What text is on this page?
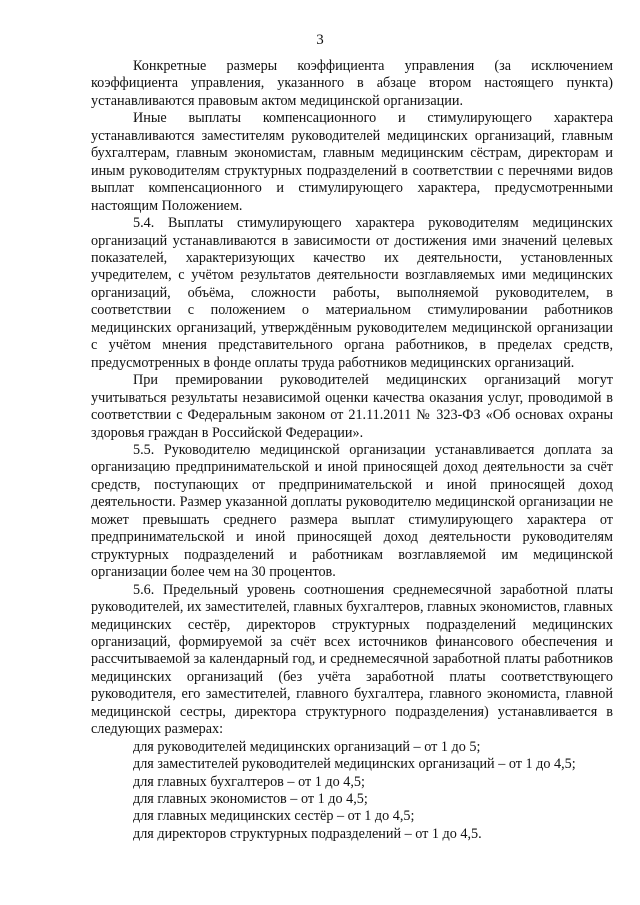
3

Конкретные размеры коэффициента управления (за исключением коэффициента управления, указанного в абзаце втором настоящего пункта) устанавливаются правовым актом медицинской организации.

Иные выплаты компенсационного и стимулирующего характера устанавливаются заместителям руководителей медицинских организаций, главным бухгалтерам, главным экономистам, главным медицинским сёстрам, директорам и иным руководителям структурных подразделений в соответствии с перечнями видов выплат компенсационного и стимулирующего характера, предусмотренными настоящим Положением.

5.4. Выплаты стимулирующего характера руководителям медицинских организаций устанавливаются в зависимости от достижения ими значений целевых показателей, характеризующих качество их деятельности, установленных учредителем, с учётом результатов деятельности возглавляемых ими медицинских организаций, объёма, сложности работы, выполняемой руководителем, в соответствии с положением о материальном стимулировании работников медицинских организаций, утверждённым руководителем медицинской организации с учётом мнения представительного органа работников, в пределах средств, предусмотренных в фонде оплаты труда работников медицинских организаций.

При премировании руководителей медицинских организаций могут учитываться результаты независимой оценки качества оказания услуг, проводимой в соответствии с Федеральным законом от 21.11.2011 № 323-ФЗ «Об основах охраны здоровья граждан в Российской Федерации».

5.5. Руководителю медицинской организации устанавливается доплата за организацию предпринимательской и иной приносящей доход деятельности за счёт средств, поступающих от предпринимательской и иной приносящей доход деятельности. Размер указанной доплаты руководителю медицинской организации не может превышать среднего размера выплат стимулирующего характера от предпринимательской и иной приносящей доход деятельности руководителям структурных подразделений и работникам возглавляемой им медицинской организации более чем на 30 процентов.

5.6. Предельный уровень соотношения среднемесячной заработной платы руководителей, их заместителей, главных бухгалтеров, главных экономистов, главных медицинских сестёр, директоров структурных подразделений медицинских организаций, формируемой за счёт всех источников финансового обеспечения и рассчитываемой за календарный год, и среднемесячной заработной платы работников медицинских организаций (без учёта заработной платы соответствующего руководителя, его заместителей, главного бухгалтера, главного экономиста, главной медицинской сестры, директора структурного подразделения) устанавливается в следующих размерах:

для руководителей медицинских организаций – от 1 до 5;
для заместителей руководителей медицинских организаций – от 1 до 4,5;
для главных бухгалтеров – от 1 до 4,5;
для главных экономистов – от 1 до 4,5;
для главных медицинских сестёр – от 1 до 4,5;
для директоров структурных подразделений – от 1 до 4,5.
